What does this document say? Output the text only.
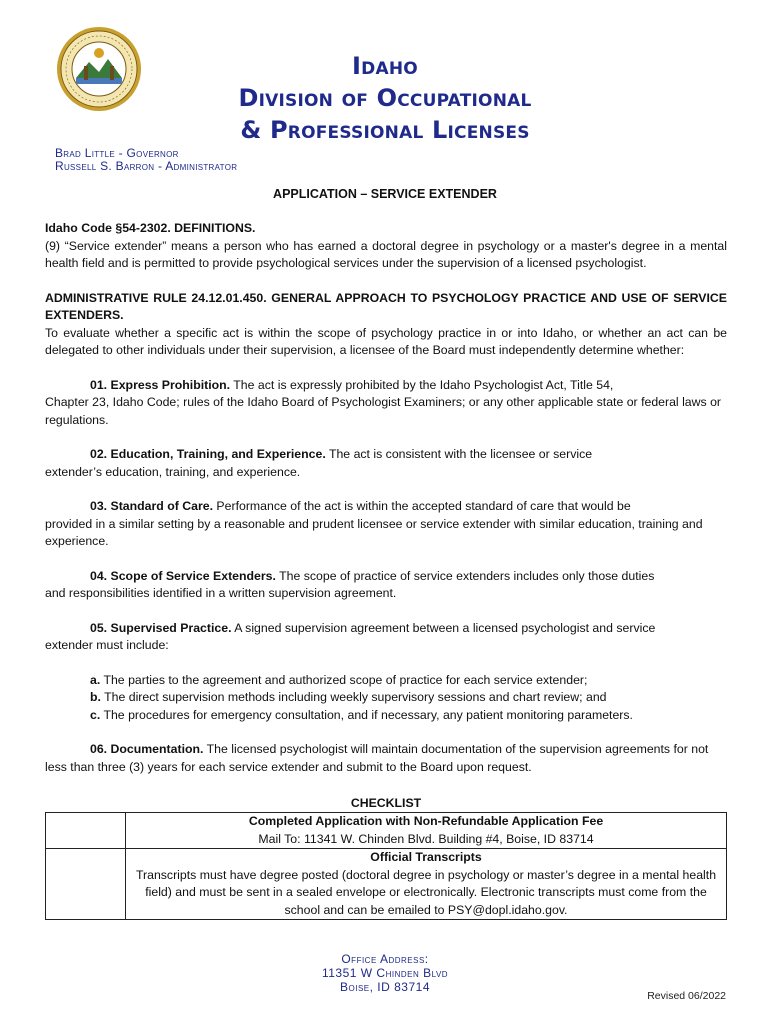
Idaho
Division of Occupational
& Professional Licenses
Brad Little - Governor
Russell S. Barron - Administrator
APPLICATION – SERVICE EXTENDER

Idaho Code §54-2302. DEFINITIONS.

(9) “Service extender” means a person who has earned a doctoral degree in psychology or a master's degree in a mental health field and is permitted to provide psychological services under the supervision of a licensed psychologist.

ADMINISTRATIVE RULE 24.12.01.450. GENERAL APPROACH TO PSYCHOLOGY PRACTICE AND USE OF SERVICE EXTENDERS.

To evaluate whether a specific act is within the scope of psychology practice in or into Idaho, or whether an act can be delegated to other individuals under their supervision, a licensee of the Board must independently determine whether:

01. Express Prohibition. The act is expressly prohibited by the Idaho Psychologist Act, Title 54,

Chapter 23, Idaho Code; rules of the Idaho Board of Psychologist Examiners; or any other applicable state or federal laws or regulations.

02. Education, Training, and Experience. The act is consistent with the licensee or service

extender’s education, training, and experience.

03. Standard of Care. Performance of the act is within the accepted standard of care that would be

provided in a similar setting by a reasonable and prudent licensee or service extender with similar education, training and experience.

04. Scope of Service Extenders. The scope of practice of service extenders includes only those duties

and responsibilities identified in a written supervision agreement.

05. Supervised Practice. A signed supervision agreement between a licensed psychologist and service

extender must include:

a. The parties to the agreement and authorized scope of practice for each service extender;

b. The direct supervision methods including weekly supervisory sessions and chart review; and

c. The procedures for emergency consultation, and if necessary, any patient monitoring parameters.

06. Documentation. The licensed psychologist will maintain documentation of the supervision agreements for not less than three (3) years for each service extender and submit to the Board upon request.

CHECKLIST

	Completed Application with Non-Refundable Application Fee
Mail To: 11341 W. Chinden Blvd. Building #4, Boise, ID 83714

	Official Transcripts
Transcripts must have degree posted (doctoral degree in psychology or master’s degree in a mental health field) and must be sent in a sealed envelope or electronically. Electronic transcripts must come from the school and can be emailed to PSY@dopl.idaho.gov.
Office Address:
11351 W Chinden Blvd
Boise, ID 83714
Revised 06/2022
